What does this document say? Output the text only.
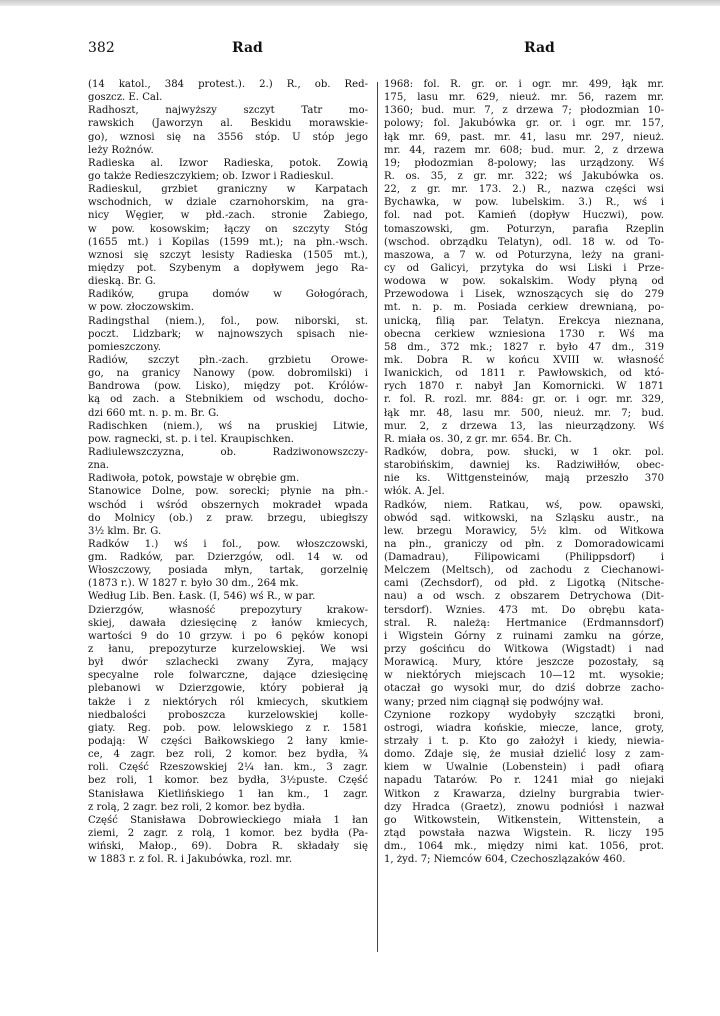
382	Rad	Rad
(14 katol., 384 protest.). 2.) R., ob. Red-
goszcz. E. Cal.
Radhoszt, najwyższy szczyt Tatr mo-
rawskich (Jaworzyn al. Beskidu morawskie-
go), wznosi się na 3556 stóp. U stóp jego
leży Rożnów.
Radieska al. Izwor Radieska, potok. Zowią
go także Redieszczykiem; ob. Izwor i Radieskul.
Radieskul, grzbiet graniczny w Karpatach
wschodnich, w dziale czarnohorskim, na gra-
nicy Węgier, w płd.-zach. stronie Żabiego,
w pow. kosowskim; łączy on szczyty Stóg
(1655 mt.) i Kopilas (1599 mt.); na płn.-wsch.
wznosi się szczyt lesisty Radieska (1505 mt.),
między pot. Szybenym a dopływem jego Ra-
dieską. Br. G.
Radików, grupa domów w Gołogórach,
w pow. złoczowskim.
Radingsthal (niem.), fol., pow. niborski, st.
poczt. Lidzbark; w najnowszych spisach nie-
pomieszczony.
Radiów, szczyt płn.-zach. grzbietu Orowe-
go, na granicy Nanowy (pow. dobromilski) i
Bandrowa (pow. Lisko), między pot. Królów-
ką od zach. a Stebnikiem od wschodu, docho-
dzi 660 mt. n. p. m. Br. G.
Radischken (niem.), wś na pruskiej Litwie,
pow. ragnecki, st. p. i tel. Kraupischken.
Radiulewszczyzna, ob. Radziwonowszczy-
zna.
Radiwoła, potok, powstaje w obrębie gm.
Stanowice Dolne, pow. sorecki; płynie na płn.-
wschód i wśród obszernych mokradeł wpada
do Molnicy (ob.) z praw. brzegu, ubiegłszy
3½ klm. Br. G.
Radków 1.) wś i fol., pow. włoszczowski,
gm. Radków, par. Dzierzgów, odl. 14 w. od
Włoszczowy, posiada młyn, tartak, gorzelnię
(1873 r.). W 1827 r. było 30 dm., 264 mk.
Według Lib. Ben. Łask. (I, 546) wś R., w par.
Dzierzgów, własność prepozytury krakow-
skiej, dawała dziesięcinę z łanów kmiecych,
wartości 9 do 10 grzyw. i po 6 pęków konopi
z łanu, prepozyturze kurzelowskiej. We wsi
był dwór szlachecki zwany Zyra, mający
specyalne role folwarczne, dające dziesięcinę
plebanowi w Dzierzgowie, który pobierał ją
także i z niektórych ról kmiecych, skutkiem
niedbalości proboszcza kurzelowskiej kolle-
giaty. Reg. pob. pow. lelowskiego z r. 1581
podają: W części Bałkowskiego 2 łany kmie-
ce, 4 zagr. bez roli, 2 komor. bez bydła, ¾
roli. Część Rzeszowskiej 2¼ łan. km., 3 zagr.
bez roli, 1 komor. bez bydła, 3½puste. Część
Stanisława Kietlińskiego 1 łan km., 1 zagr.
z rolą, 2 zagr. bez roli, 2 komor. bez bydła.
Część Stanisława Dobrowieckiego miała 1 łan
ziemi, 2 zagr. z rolą, 1 komor. bez bydła (Pa-
wiński, Małop., 69). Dobra R. składały się
w 1883 r. z fol. R. i Jakubówka, rozl. mr.
1968: fol. R. gr. or. i ogr. mr. 499, łąk mr.
175, lasu mr. 629, nieuż. mr. 56, razem mr.
1360; bud. mur. 7, z drzewa 7; płodozmian 10-
polowy; fol. Jakubówka gr. or. i ogr. mr. 157,
łąk mr. 69, past. mr. 41, lasu mr. 297, nieuż.
mr. 44, razem mr. 608; bud. mur. 2, z drzewa
19; płodozmian 8-polowy; las urządzony. Wś
R. os. 35, z gr. mr. 322; wś Jakubówka os.
22, z gr. mr. 173. 2.) R., nazwa części wsi
Bychawka, w pow. lubelskim. 3.) R., wś i
fol. nad pot. Kamień (dopływ Huczwi), pow.
tomaszowski, gm. Poturzyn, parafia Rzeplin
(wschod. obrządku Telatyn), odl. 18 w. od To-
maszowa, a 7 w. od Poturzyna, leży na grani-
cy od Galicyi, przytyka do wsi Liski i Prze-
wodowa w pow. sokalskim. Wody płyną od
Przewodowa i Lisek, wznoszących się do 279
mt. n. p. m. Posiada cerkiew drewnianą, po-
unicką, filią par. Telatyn. Erekcya nieznana,
obecna cerkiew wzniesiona 1730 r. Wś ma
58 dm., 372 mk.; 1827 r. było 47 dm., 319
mk. Dobra R. w końcu XVIII w. własność
Iwanickich, od 1811 r. Pawłowskich, od któ-
rych 1870 r. nabył Jan Komornicki. W 1871
r. fol. R. rozl. mr. 884: gr. or. i ogr. mr. 329,
łąk mr. 48, lasu mr. 500, nieuż. mr. 7; bud.
mur. 2, z drzewa 13, las nieurządzony. Wś
R. miała os. 30, z gr. mr. 654. Br. Ch.
Radków, dobra, pow. słucki, w 1 okr. pol.
starobińskim, dawniej ks. Radziwiłłów, obec-
nie ks. Wittgensteinów, mają przeszło 370
włók. A. Jel.
Radków, niem. Ratkau, wś, pow. opawski,
obwód sąd. witkowski, na Szląsku austr., na
lew. brzegu Morawicy, 5½ klm. od Witkowa
na płn., graniczy od płn. z Domoradowicami
(Damadrau), Filipowicami (Philippsdorf) i
Melczem (Meltsch), od zachodu z Ciechanowi-
cami (Zechsdorf), od płd. z Ligotką (Nitsche-
nau) a od wsch. z obszarem Detrychowa (Dit-
tersdorf). Wznies. 473 mt. Do obrębu kata-
stral. R. należą: Hertmanice (Erdmannsdorf)
i Wigstein Górny z ruinami zamku na górze,
przy gościńcu do Witkowa (Wigstadt) i nad
Morawicą. Mury, które jeszcze pozostały, są
w niektórych miejscach 10—12 mt. wysokie;
otaczał go wysoki mur, do dziś dobrze zacho-
wany; przed nim ciągnął się podwójny wał.
Czynione rozkopy wydobyły szczątki broni,
ostrogi, wiadra końskie, miecze, lance, groty,
strzały i t. p. Kto go założył i kiedy, niewia-
domo. Zdaje się, że musiał dzielić losy z zam-
kiem w Uwalnie (Lobenstein) i padł ofiarą
napadu Tatarów. Po r. 1241 miał go niejaki
Witkon z Krawarza, dzielny burgrabia twier-
dzy Hradca (Graetz), znowu podniósł i nazwał
go Witkowstein, Witkenstein, Wittenstein, a
ztąd powstała nazwa Wigstein. R. liczy 195
dm., 1064 mk., między nimi kat. 1056, prot.
1, żyd. 7; Niemców 604, Czechoszlązaków 460.
